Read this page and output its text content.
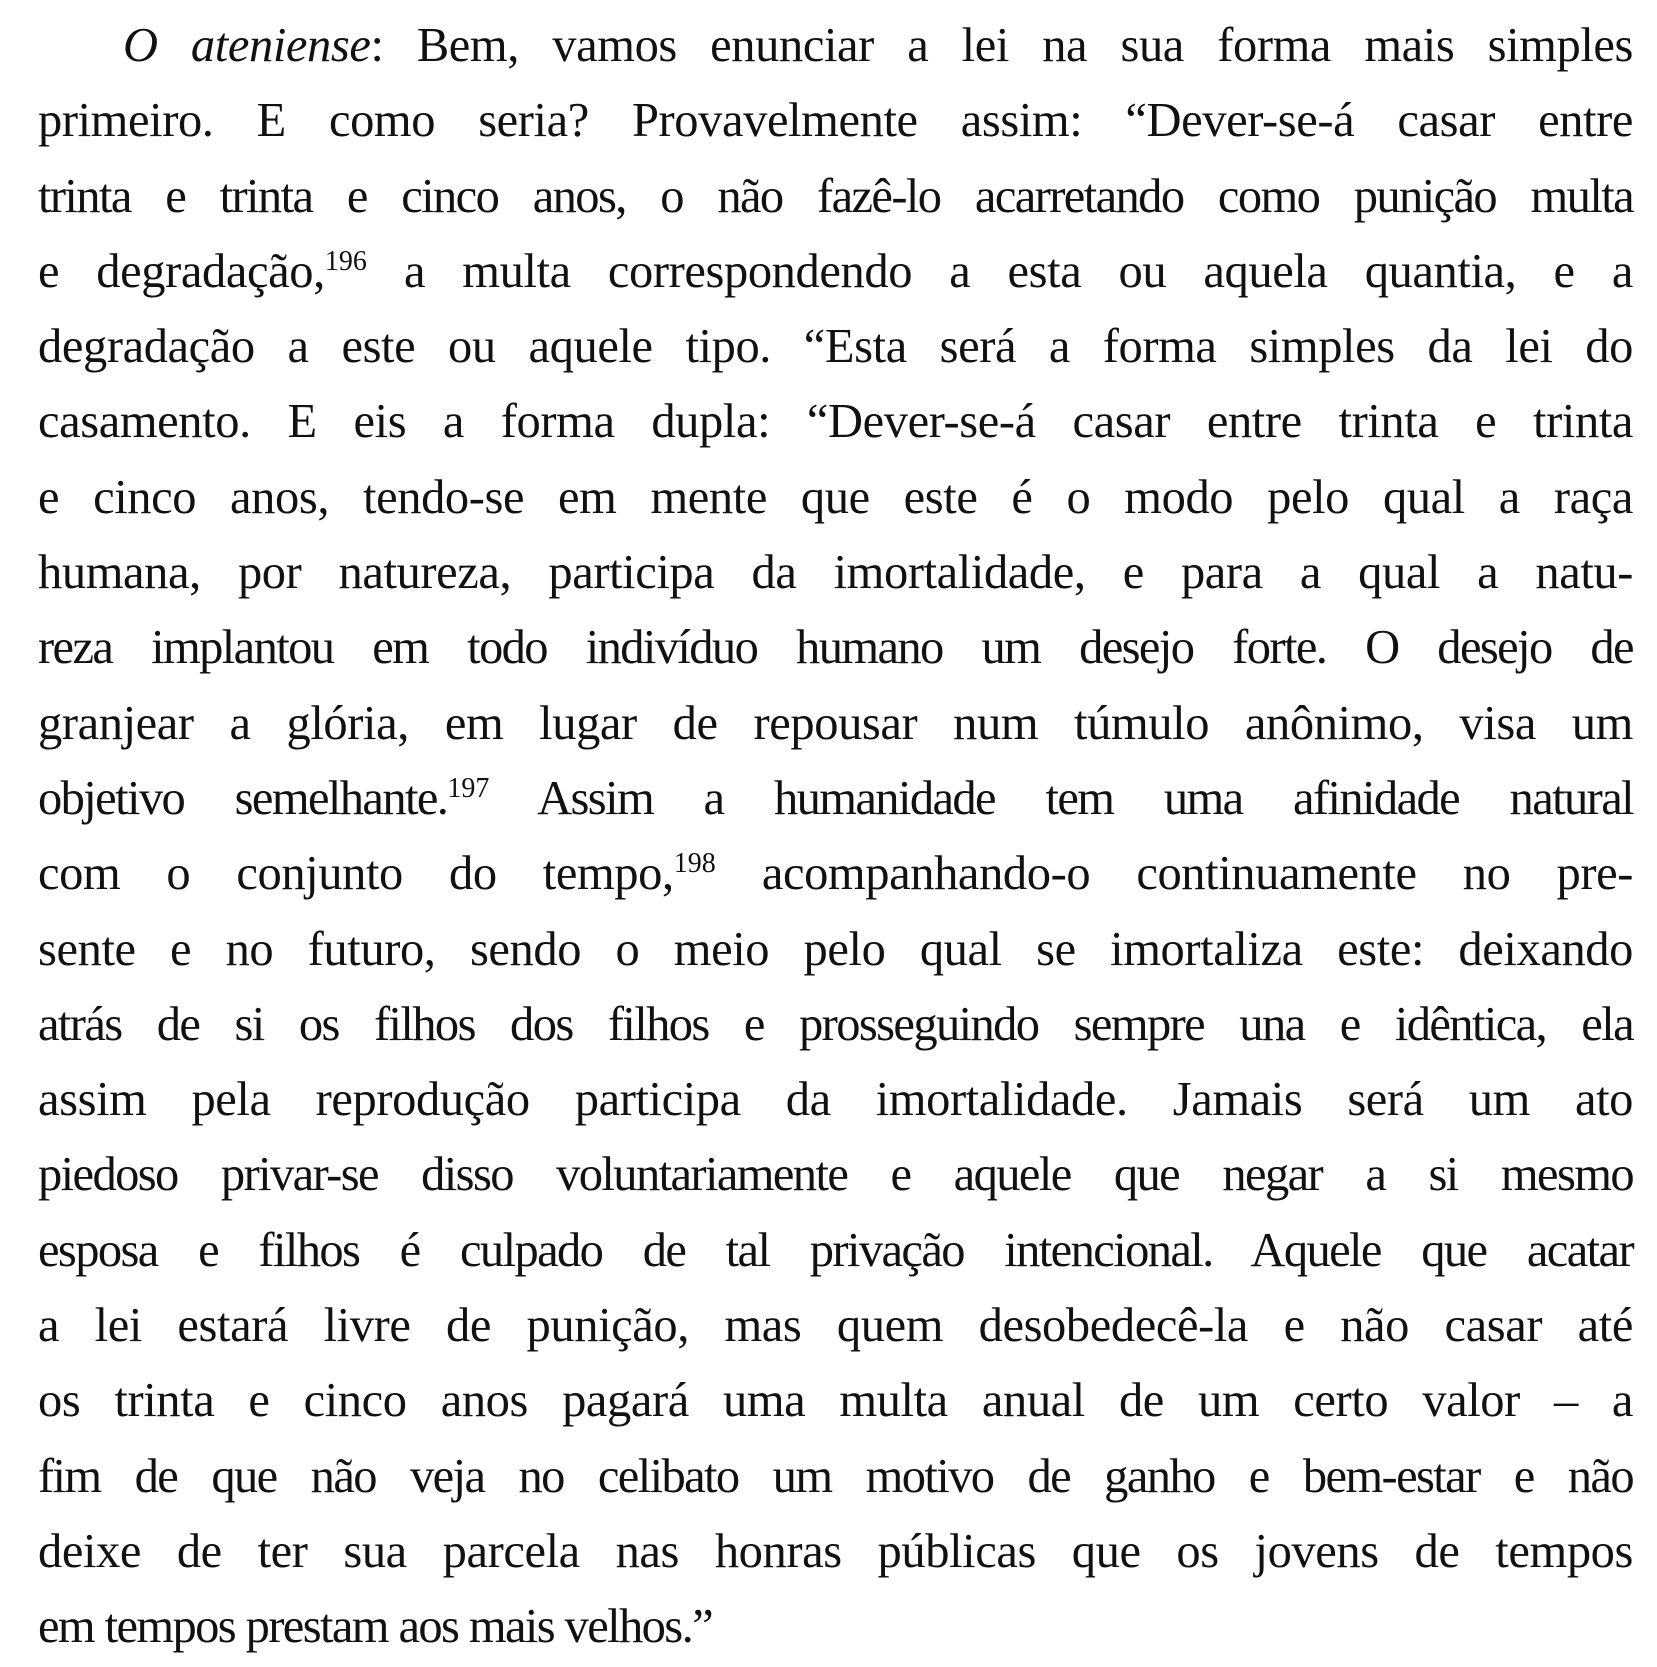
O ateniense: Bem, vamos enunciar a lei na sua forma mais simples
primeiro. E como seria? Provavelmente assim: “Dever-se-á casar entre
trinta e trinta e cinco anos, o não fazê-lo acarretando como punição multa
e degradação,$^{196}$ a multa correspondendo a esta ou aquela quantia, e a
degradação a este ou aquele tipo. “Esta será a forma simples da lei do
casamento. E eis a forma dupla: “Dever-se-á casar entre trinta e trinta
e cinco anos, tendo-se em mente que este é o modo pelo qual a raça
humana, por natureza, participa da imortalidade, e para a qual a natu-
reza implantou em todo indivíduo humano um desejo forte. O desejo de
granjear a glória, em lugar de repousar num túmulo anônimo, visa um
objetivo semelhante.$^{197}$ Assim a humanidade tem uma afinidade natural
com o conjunto do tempo,$^{198}$ acompanhando-o continuamente no pre-
sente e no futuro, sendo o meio pelo qual se imortaliza este: deixando
atrás de si os filhos dos filhos e prosseguindo sempre una e idêntica, ela
assim pela reprodução participa da imortalidade. Jamais será um ato
piedoso privar-se disso voluntariamente e aquele que negar a si mesmo
esposa e filhos é culpado de tal privação intencional. Aquele que acatar
a lei estará livre de punição, mas quem desobedecê-la e não casar até
os trinta e cinco anos pagará uma multa anual de um certo valor – a
fim de que não veja no celibato um motivo de ganho e bem-estar e não
deixe de ter sua parcela nas honras públicas que os jovens de tempos
em tempos prestam aos mais velhos.”
